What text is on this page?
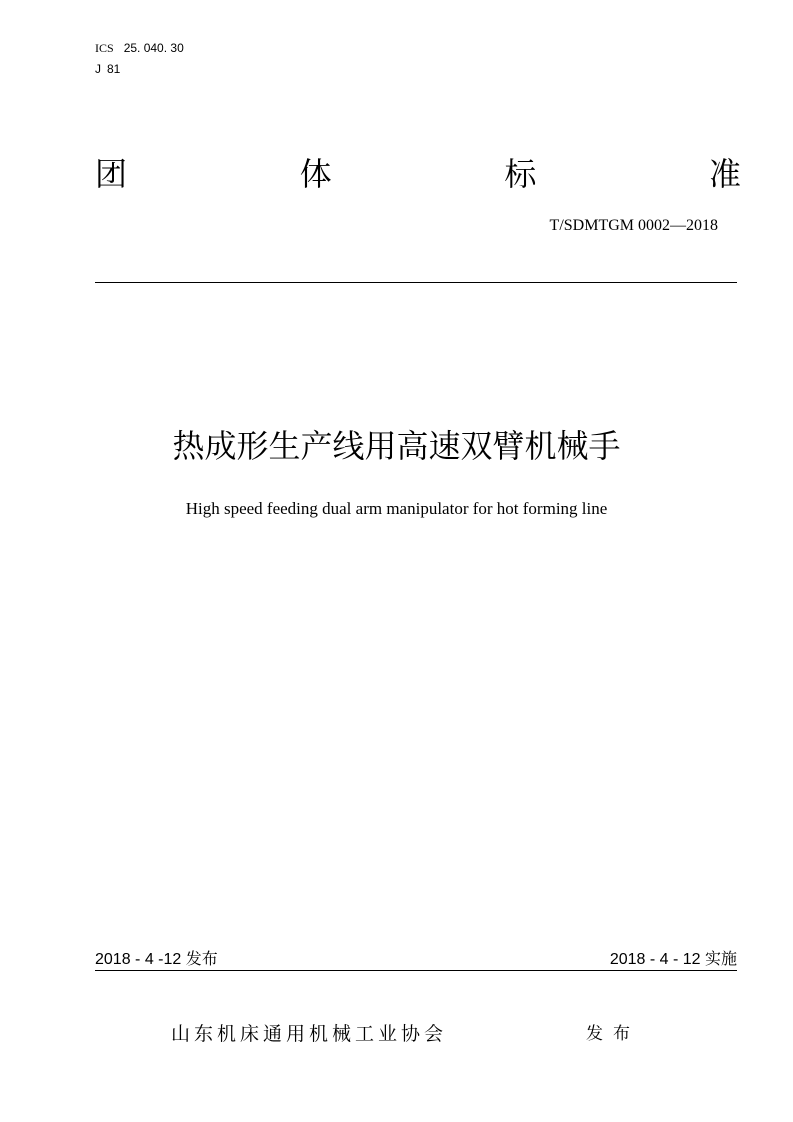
ICS 25. 040. 30
J 81
团	体	标	准
T/SDMTGM 0002—2018
热成形生产线用高速双臂机械手
High speed feeding dual arm manipulator for hot forming line
2018 - 4 -12 发布	2018 - 4 - 12 实施
山东机床通用机械工业协会	发布
